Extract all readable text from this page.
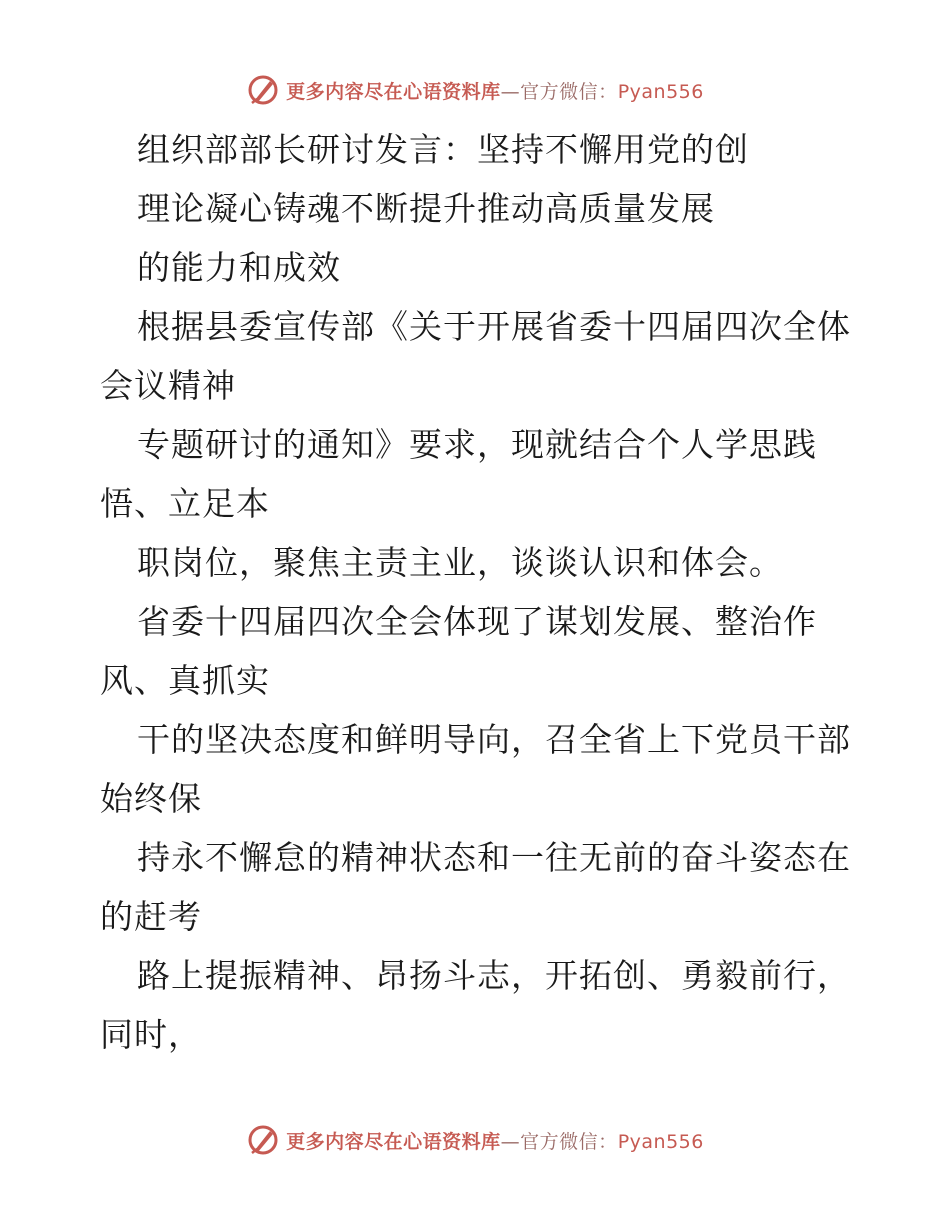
更多内容尽在心语资料库—官方微信：Pyan556
组织部部长研讨发言：坚持不懈用党的创
理论凝心铸魂不断提升推动高质量发展
的能力和成效
根据县委宣传部《关于开展省委十四届四次全体
会议精神
专题研讨的通知》要求，现就结合个人学思践
悟、立足本
职岗位，聚焦主责主业，谈谈认识和体会。
省委十四届四次全会体现了谋划发展、整治作
风、真抓实
干的坚决态度和鲜明导向，召全省上下党员干部
始终保
持永不懈怠的精神状态和一往无前的奋斗姿态在
的赶考
路上提振精神、昂扬斗志，开拓创、勇毅前行，
同时，
更多内容尽在心语资料库—官方微信：Pyan556
